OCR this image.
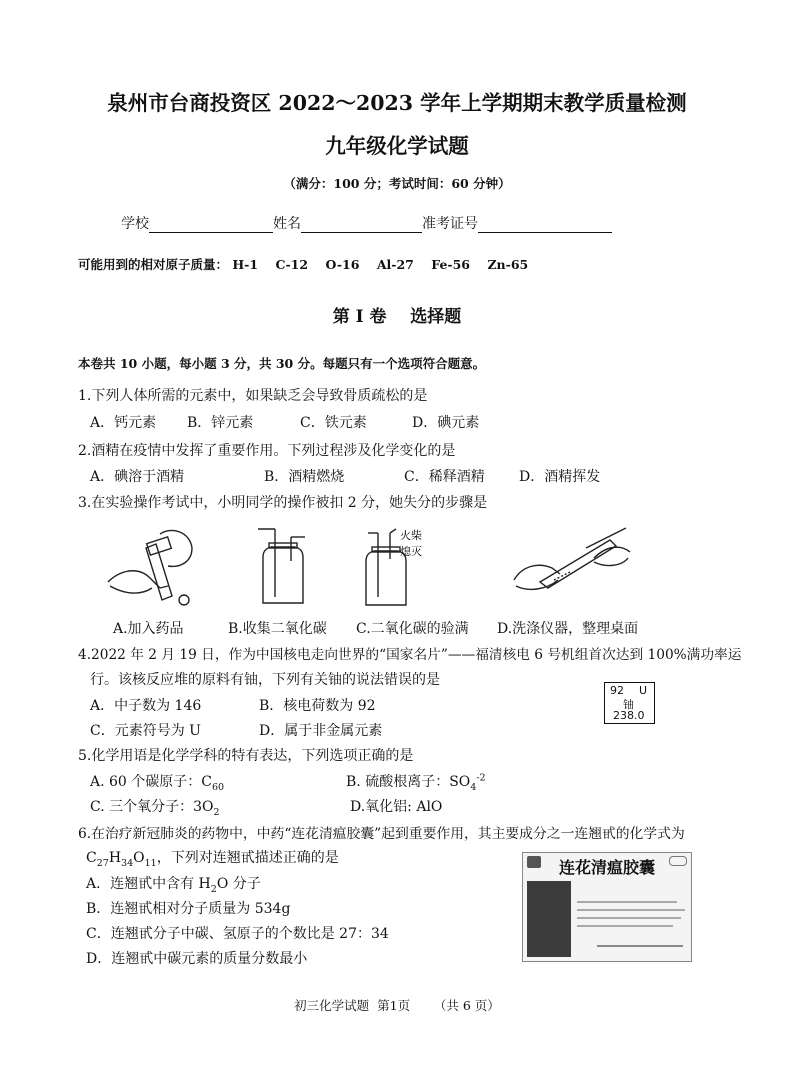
泉州市台商投资区 2022～2023 学年上学期期末教学质量检测
九年级化学试题
（满分：100 分；考试时间：60 分钟）
学校	姓名	准考证号
可能用到的相对原子质量： H-1 C-12 O-16 Al-27 Fe-56 Zn-65
第 I 卷    选择题
本卷共 10 小题，每小题 3 分，共 30 分。每题只有一个选项符合题意。
1.下列人体所需的元素中，如果缺乏会导致骨质疏松的是
A．钙元素 B．锌元素	C．铁元素	D．碘元素
2.酒精在疫情中发挥了重要作用。下列过程涉及化学变化的是
A．碘溶于酒精	B．酒精燃烧	C．稀释酒精 D．酒精挥发
3.在实验操作考试中，小明同学的操作被扣 2 分，她失分的步骤是
火柴
熄灭
A.加入药品	B.收集二氧化碳 C.二氧化碳的验满 D.洗涤仪器，整理桌面
4.2022 年 2 月 19 日，作为中国核电走向世界的“国家名片”——福清核电 6 号机组首次达到 100%满功率运
行。该核反应堆的原料有铀，下列有关铀的说法错误的是
A．中子数为 146	B．核电荷数为 92
C．元素符号为 U	D．属于非金属元素
92 U
铀
238.0
5.化学用语是化学学科的特有表达，下列选项正确的是
A. 60 个碳原子：$C_{60}$	B. 硫酸根离子：$SO_4^{-2}$
C. 三个氧分子：$3O_2$	D.氧化铝: AlO
6.在治疗新冠肺炎的药物中，中药“连花清瘟胶囊”起到重要作用，其主要成分之一连翘甙的化学式为
$C_{27}H_{34}O_{11}$，下列对连翘甙描述正确的是
A．连翘甙中含有 $H_2O$ 分子
B．连翘甙相对分子质量为 534g
C．连翘甙分子中碳、氢原子的个数比是 27：34
D．连翘甙中碳元素的质量分数最小
连花清瘟胶囊
初三化学试题  第1页      （共 6 页）
